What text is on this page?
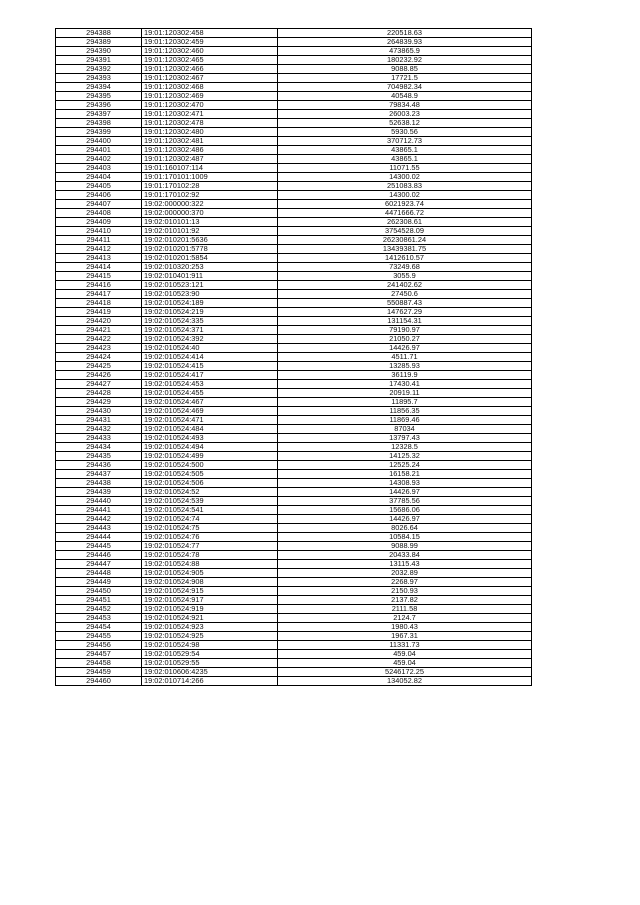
294388	19:01:120302:458	220518.63
294389	19:01:120302:459	264839.93
294390	19:01:120302:460	473865.9
294391	19:01:120302:465	180232.92
294392	19:01:120302:466	9088.85
294393	19:01:120302:467	17721.5
294394	19:01:120302:468	704982.34
294395	19:01:120302:469	40548.9
294396	19:01:120302:470	79834.48
294397	19:01:120302:471	26003.23
294398	19:01:120302:478	52638.12
294399	19:01:120302:480	5930.56
294400	19:01:120302:481	370712.73
294401	19:01:120302:486	43865.1
294402	19:01:120302:487	43865.1
294403	19:01:160107:114	11071.55
294404	19:01:170101:1009	14300.02
294405	19:01:170102:28	251083.83
294406	19:01:170102:92	14300.02
294407	19:02:000000:322	6021923.74
294408	19:02:000000:370	4471666.72
294409	19:02:010101:13	262308.61
294410	19:02:010101:92	3754528.09
294411	19:02:010201:5636	26230861.24
294412	19:02:010201:5778	13439381.75
294413	19:02:010201:5854	1412610.57
294414	19:02:010320:253	73249.68
294415	19:02:010401:911	3055.9
294416	19:02:010523:121	241402.62
294417	19:02:010523:90	27450.6
294418	19:02:010524:189	550887.43
294419	19:02:010524:219	147627.29
294420	19:02:010524:335	131154.31
294421	19:02:010524:371	79190.97
294422	19:02:010524:392	21050.27
294423	19:02:010524:40	14426.97
294424	19:02:010524:414	4511.71
294425	19:02:010524:415	13285.93
294426	19:02:010524:417	36119.9
294427	19:02:010524:453	17430.41
294428	19:02:010524:455	20919.11
294429	19:02:010524:467	11895.7
294430	19:02:010524:469	11856.35
294431	19:02:010524:471	11869.46
294432	19:02:010524:484	87034
294433	19:02:010524:493	13797.43
294434	19:02:010524:494	12328.5
294435	19:02:010524:499	14125.32
294436	19:02:010524:500	12525.24
294437	19:02:010524:505	16158.21
294438	19:02:010524:506	14308.93
294439	19:02:010524:52	14426.97
294440	19:02:010524:539	37785.56
294441	19:02:010524:541	15686.06
294442	19:02:010524:74	14426.97
294443	19:02:010524:75	8026.64
294444	19:02:010524:76	10584.15
294445	19:02:010524:77	9088.99
294446	19:02:010524:78	20433.84
294447	19:02:010524:88	13115.43
294448	19:02:010524:905	2032.89
294449	19:02:010524:908	2268.97
294450	19:02:010524:915	2150.93
294451	19:02:010524:917	2137.82
294452	19:02:010524:919	2111.58
294453	19:02:010524:921	2124.7
294454	19:02:010524:923	1980.43
294455	19:02:010524:925	1967.31
294456	19:02:010524:98	11331.73
294457	19:02:010529:54	459.04
294458	19:02:010529:55	459.04
294459	19:02:010606:4235	5246172.25
294460	19:02:010714:266	134052.82
